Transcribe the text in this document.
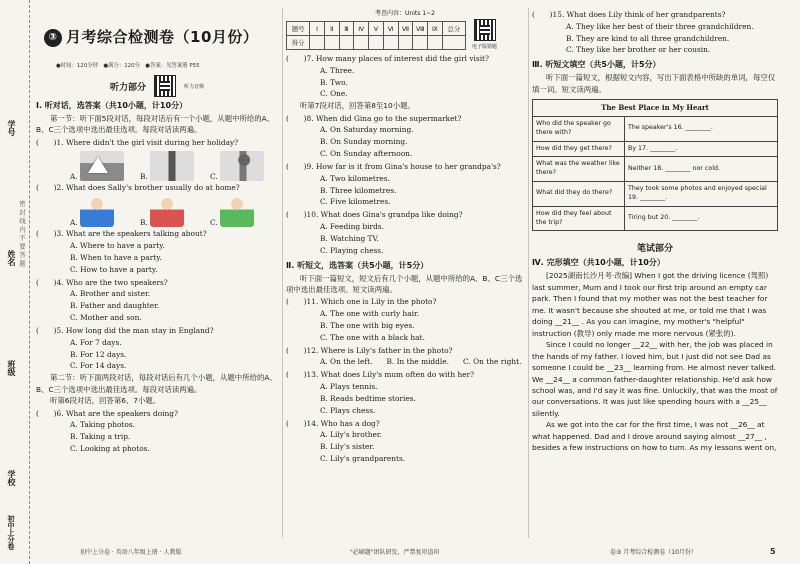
学号
姓名
班级
学校
密 封 线 内 不 要 答 题
初中上分卷
③ 月考综合检测卷（10月份）
●时间：120分钟　●满分：120分　●答案：见答案册 P55
听力部分	听力音频
Ⅰ. 听对话，选答案（共10小题，计10分）
第一节：听下面5段对话，每段对话后有一个小题，从题中所给的A、B、C三个选项中选出最佳选项。每段对话读两遍。
(　　)1. Where didn't the girl visit during her holiday?
A.	B.	C.
(　　)2. What does Sally's brother usually do at home?
A.	B.	C.
(　　)3. What are the speakers talking about?
A. Where to have a party.
B. When to have a party.
C. How to have a party.
(　　)4. Who are the two speakers?
A. Brother and sister.
B. Father and daughter.
C. Mother and son.
(　　)5. How long did the man stay in England?
A. For 7 days.
B. For 12 days.
C. For 14 days.
第二节：听下面两段对话，每段对话后有几个小题，从题中所给的A、B、C三个选项中选出最佳选项。每段对话读两遍。
听第6段对话，回答第6、7小题。
(　　)6. What are the speakers doing?
A. Taking photos.
B. Taking a trip.
C. Looking at photos.
考查内容：Units 1~2
题号	Ⅰ	Ⅱ	Ⅲ	Ⅳ	Ⅴ	Ⅵ	Ⅶ	Ⅷ	Ⅸ	总分
得分											电子版错题
(　　)7. How many places of interest did the girl visit?
A. Three.
B. Two.
C. One.
听第7段对话，回答第8至10小题。
(　　)8. When did Gina go to the supermarket?
A. On Saturday morning.
B. On Sunday morning.
C. On Sunday afternoon.
(　　)9. How far is it from Gina's house to her grandpa's?
A. Two kilometres.
B. Three kilometres.
C. Five kilometres.
(　　)10. What does Gina's grandpa like doing?
A. Feeding birds.
B. Watching TV.
C. Playing chess.
Ⅱ. 听短文，选答案（共5小题，计5分）
听下面一篇短文，短文后有几个小题，从题中所给的A、B、C三个选项中选出最佳选项。短文读两遍。
(　　)11. Which one is Lily in the photo?
A. The one with curly hair.
B. The one with big eyes.
C. The one with a black hat.
(　　)12. Where is Lily's father in the photo?
A. On the left. B. In the middle. C. On the right.
(　　)13. What does Lily's mum often do with her?
A. Plays tennis.
B. Reads bedtime stories.
C. Plays chess.
(　　)14. Who has a dog?
A. Lily's brother.
B. Lily's sister.
C. Lily's grandparents.
(　　)15. What does Lily think of her grandparents?
A. They like her best of their three grandchildren.
B. They are kind to all three grandchildren.
C. They like her brother or her cousin.
Ⅲ. 听短文填空（共5小题，计5分）
听下面一篇短文，根据短文内容，写出下面表格中所缺的单词，每空仅填一词。短文读两遍。
The Best Place in My Heart	
Who did the speaker go there with?	The speaker's 16. ________.
How did they get there?	By 17. ________.
What was the weather like there?	Neither 18. ________ nor cold.
What did they do there?	They took some photos and enjoyed special 19. ________.
How did they feel about the trip?	Tiring but 20. ________.
笔试部分
Ⅳ. 完形填空（共10小题，计10分）
[2025湖南长沙月考·改编] When I got the driving licence (驾照) last summer, Mum and I took our first trip around an empty car park. Then I found that my mother was not the best teacher for me. It wasn't because she shouted at me, or told me that I was doing __21__ . As you can imagine, my mother's "helpful" instruction (教导) only made me more nervous (紧张的).
Since I could no longer __22__ with her, the job was placed in the hands of my father. I loved him, but I just did not see Dad as someone I could be __23__ learning from. He almost never talked. We __24__ a common father-daughter relationship. He'd ask how school was, and I'd say it was fine. Unluckily, that was the most of our conversations. It was just like spending hours with a __25__ silently.
As we got into the car for the first time, I was not __26__ at what happened. Dad and I drove around saying almost __27__ , besides a few instructions on how to turn. As my lessons went on,
初中上分卷 · 英语八年级上册 · 人教版	"必刷题"团队研发，严禁复印盗印	卷③ 月考综合检测卷（10月份）	5
